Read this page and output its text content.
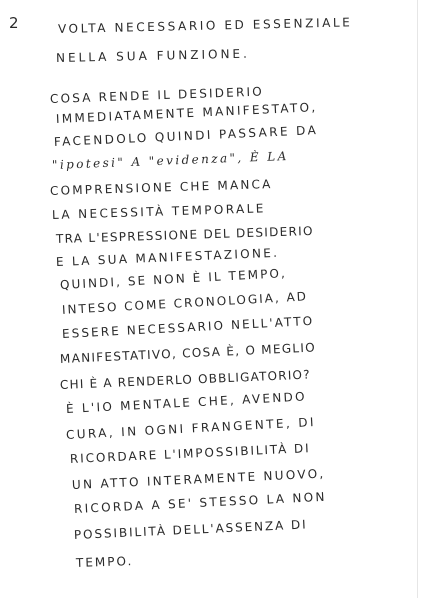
2	VOLTA NECESSARIO ED ESSENZIALE
NELLA SUA FUNZIONE.
COSA RENDE IL DESIDERIO
IMMEDIATAMENTE MANIFESTATO,
FACENDOLO QUINDI PASSARE DA
"ipotesi" A "evidenza", È LA
COMPRENSIONE CHE MANCA
LA NECESSITÀ TEMPORALE
TRA L'ESPRESSIONE DEL DESIDERIO
E LA SUA MANIFESTAZIONE.
QUINDI, SE NON È IL TEMPO,
INTESO COME CRONOLOGIA, AD
ESSERE NECESSARIO NELL'ATTO
MANIFESTATIVO, COSA È, O MEGLIO
CHI È A RENDERLO OBBLIGATORIO?
È L'IO MENTALE CHE, AVENDO
CURA, IN OGNI FRANGENTE, DI
RICORDARE L'IMPOSSIBILITÀ DI
UN ATTO INTERAMENTE NUOVO,
RICORDA A SE' STESSO LA NON
POSSIBILITÀ DELL'ASSENZA DI
TEMPO.
